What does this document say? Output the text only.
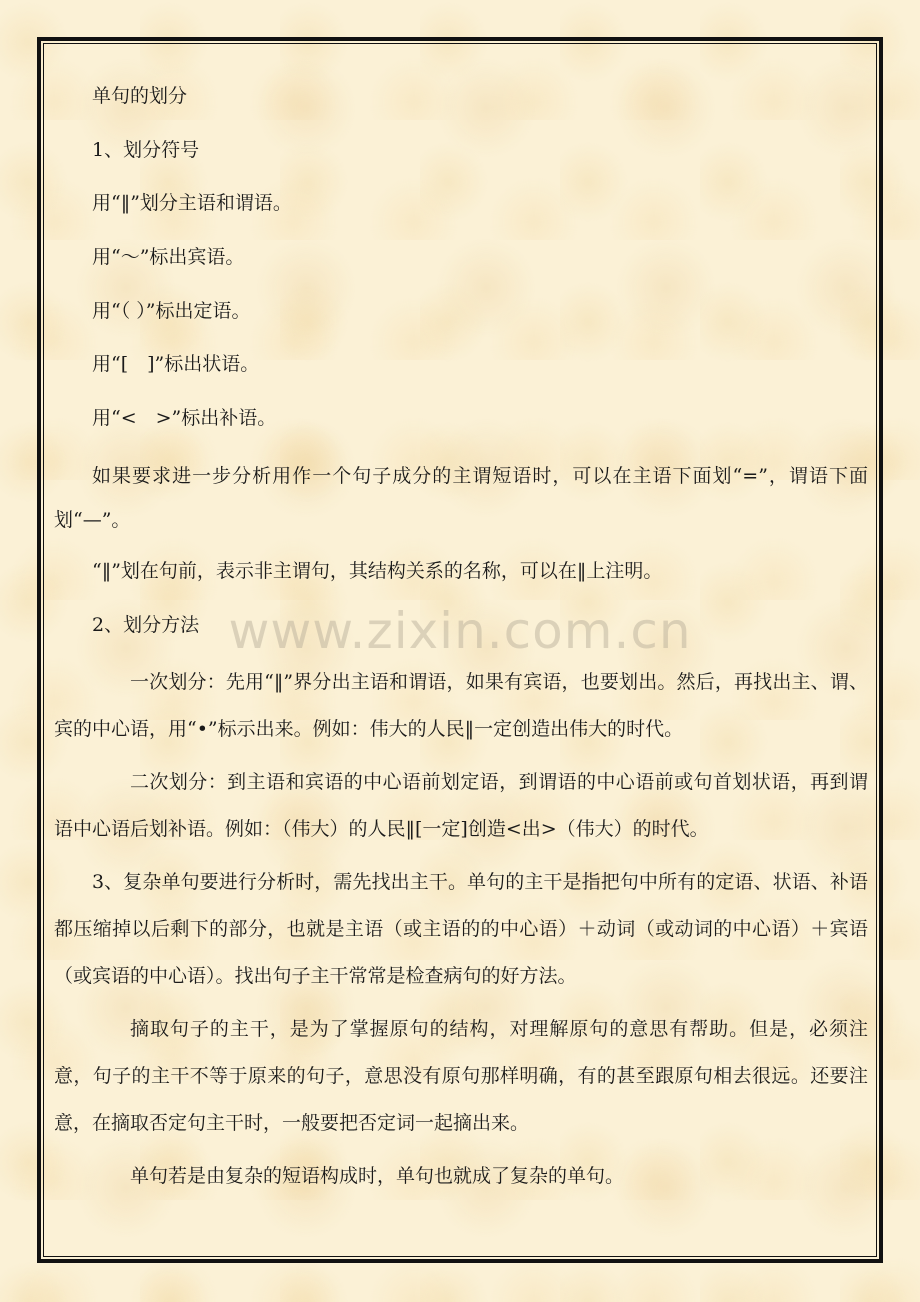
www.zixin.com.cn

单句的划分

1、划分符号

用“‖”划分主语和谓语。

用“～”标出宾语。

用“（ ）”标出定语。

用“[　]”标出状语。

用“<　>”标出补语。

如果要求进一步分析用作一个句子成分的主谓短语时，可以在主语下面划“=”，谓语下面划“—”。

“‖”划在句前，表示非主谓句，其结构关系的名称，可以在‖上注明。

2、划分方法

一次划分：先用“‖”界分出主语和谓语，如果有宾语，也要划出。然后，再找出主、谓、宾的中心语，用“•”标示出来。例如：伟大的人民‖一定创造出伟大的时代。

二次划分：到主语和宾语的中心语前划定语，到谓语的中心语前或句首划状语，再到谓语中心语后划补语。例如：（伟大）的人民‖[一定]创造<出>（伟大）的时代。

3、复杂单句要进行分析时，需先找出主干。单句的主干是指把句中所有的定语、状语、补语都压缩掉以后剩下的部分，也就是主语（或主语的的中心语）＋动词（或动词的中心语）＋宾语（或宾语的中心语）。找出句子主干常常是检查病句的好方法。

摘取句子的主干，是为了掌握原句的结构，对理解原句的意思有帮助。但是，必须注意，句子的主干不等于原来的句子，意思没有原句那样明确，有的甚至跟原句相去很远。还要注意，在摘取否定句主干时，一般要把否定词一起摘出来。

单句若是由复杂的短语构成时，单句也就成了复杂的单句。
